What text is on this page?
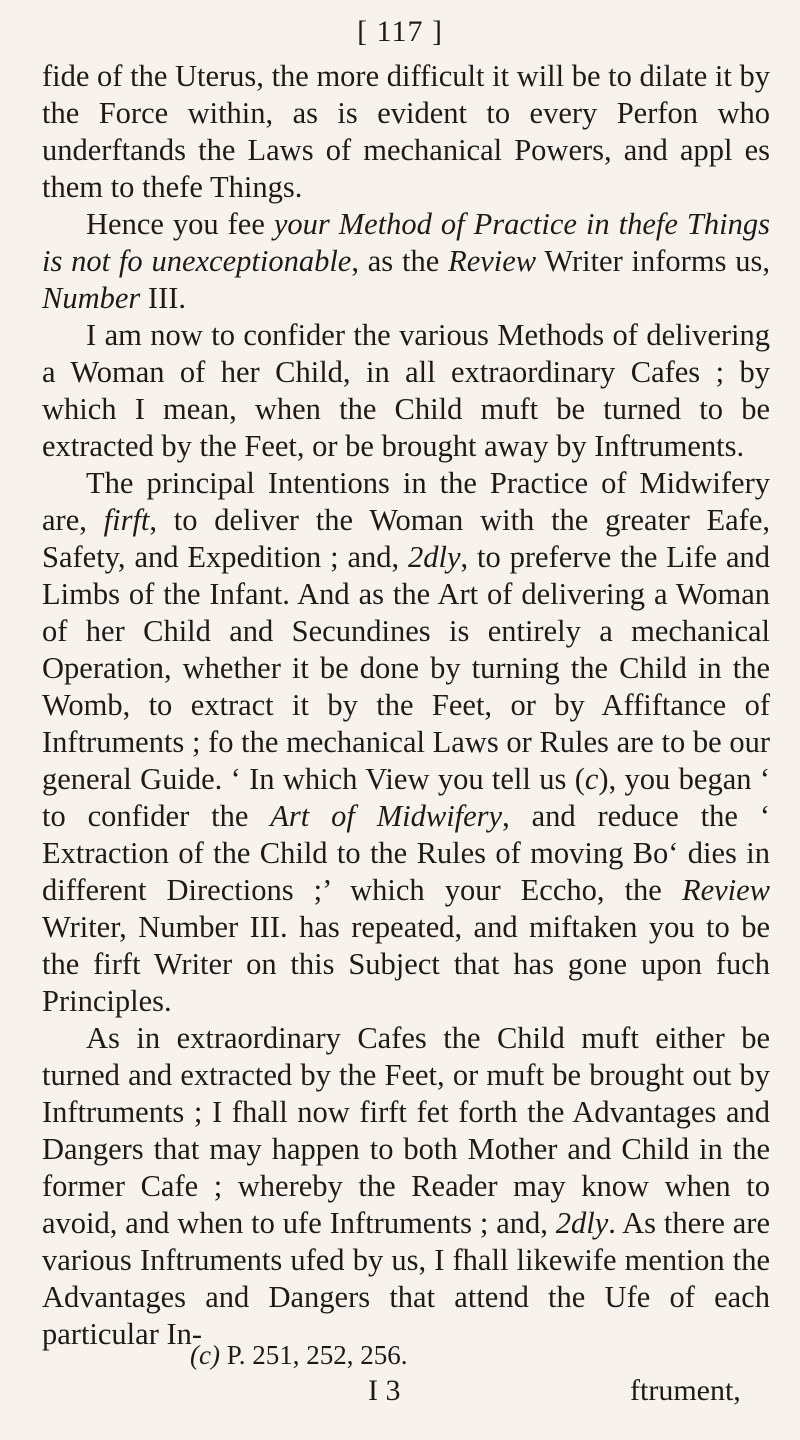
[ 117 ]

fide of the Uterus, the more difficult it will be to dilate it by the Force within, as is evident to every Perfon who underftands the Laws of mechanical Powers, and appl es them to thefe Things.

Hence you fee your Method of Practice in thefe Things is not fo unexceptionable, as the Review Writer informs us, Number III.

I am now to confider the various Methods of delivering a Woman of her Child, in all extraordinary Cafes ; by which I mean, when the Child muft be turned to be extracted by the Feet, or be brought away by Inftruments.

The principal Intentions in the Practice of Midwifery are, firft, to deliver the Woman with the greater Eafe, Safety, and Expedition ; and, 2dly, to preferve the Life and Limbs of the Infant. And as the Art of delivering a Woman of her Child and Secundines is entirely a mechanical Operation, whether it be done by turning the Child in the Womb, to extract it by the Feet, or by Affiftance of Inftruments ; fo the mechanical Laws or Rules are to be our general Guide. ‘ In which View you tell us (c), you began ‘ to confider the Art of Midwifery, and reduce the ‘ Extraction of the Child to the Rules of moving Bo‘ dies in different Directions ;’ which your Eccho, the Review Writer, Number III. has repeated, and miftaken you to be the firft Writer on this Subject that has gone upon fuch Principles.

As in extraordinary Cafes the Child muft either be turned and extracted by the Feet, or muft be brought out by Inftruments ; I fhall now firft fet forth the Advantages and Dangers that may happen to both Mother and Child in the former Cafe ; whereby the Reader may know when to avoid, and when to ufe Inftruments ; and, 2dly. As there are various Inftruments ufed by us, I fhall likewife mention the Advantages and Dangers that attend the Ufe of each particular In-

(c) P. 251, 252, 256.
I 3	ftrument,
